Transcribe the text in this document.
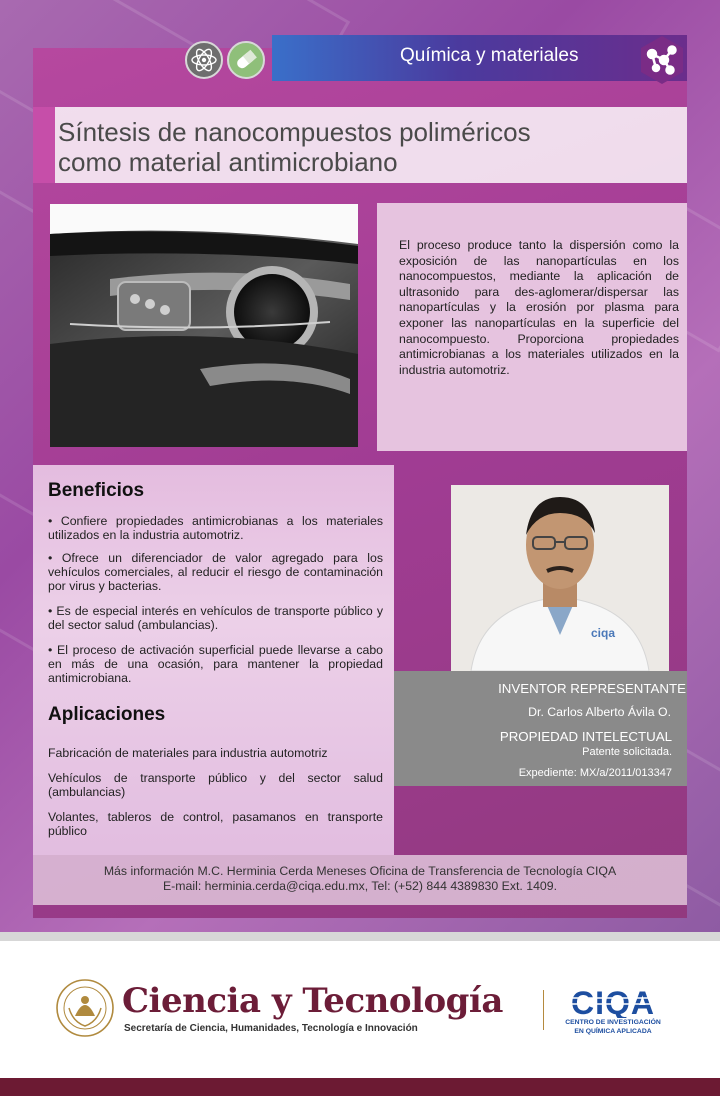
Química y materiales
Síntesis de nanocompuestos poliméricos
como material antimicrobiano
El proceso produce tanto la dispersión como la exposición de las nanopartículas en los nanocompuestos, mediante la aplicación de ultrasonido para des-aglomerar/dispersar las nanopartículas y la erosión por plasma para exponer las nanopartículas en la superficie del nanocompuesto. Proporciona propiedades antimicrobianas a los materiales utilizados en la industria automotriz.
Beneficios
• Confiere propiedades antimicrobianas a los materiales utilizados en la industria automotriz.
• Ofrece un diferenciador de valor agregado para los vehículos comerciales, al reducir el riesgo de contaminación por virus y bacterias.
• Es de especial interés en vehículos de transporte público y del sector salud (ambulancias).
• El proceso de activación superficial puede llevarse a cabo en más de una ocasión, para mantener la propiedad antimicrobiana.
Aplicaciones
Fabricación de materiales para industria automotriz
Vehículos de transporte público y del sector salud (ambulancias)
Volantes, tableros de control, pasamanos en transporte público
ciqa
INVENTOR REPRESENTANTE
Dr. Carlos Alberto Ávila O.
PROPIEDAD INTELECTUAL
Patente solicitada.
Expediente: MX/a/2011/013347
Más información M.C. Herminia Cerda Meneses Oficina de Transferencia de Tecnología CIQA
E-mail: herminia.cerda@ciqa.edu.mx, Tel: (+52) 844 4389830 Ext. 1409.
Ciencia y Tecnología
Secretaría de Ciencia, Humanidades, Tecnología e Innovación
CIQA
CENTRO DE INVESTIGACIÓN
EN QUÍMICA APLICADA
